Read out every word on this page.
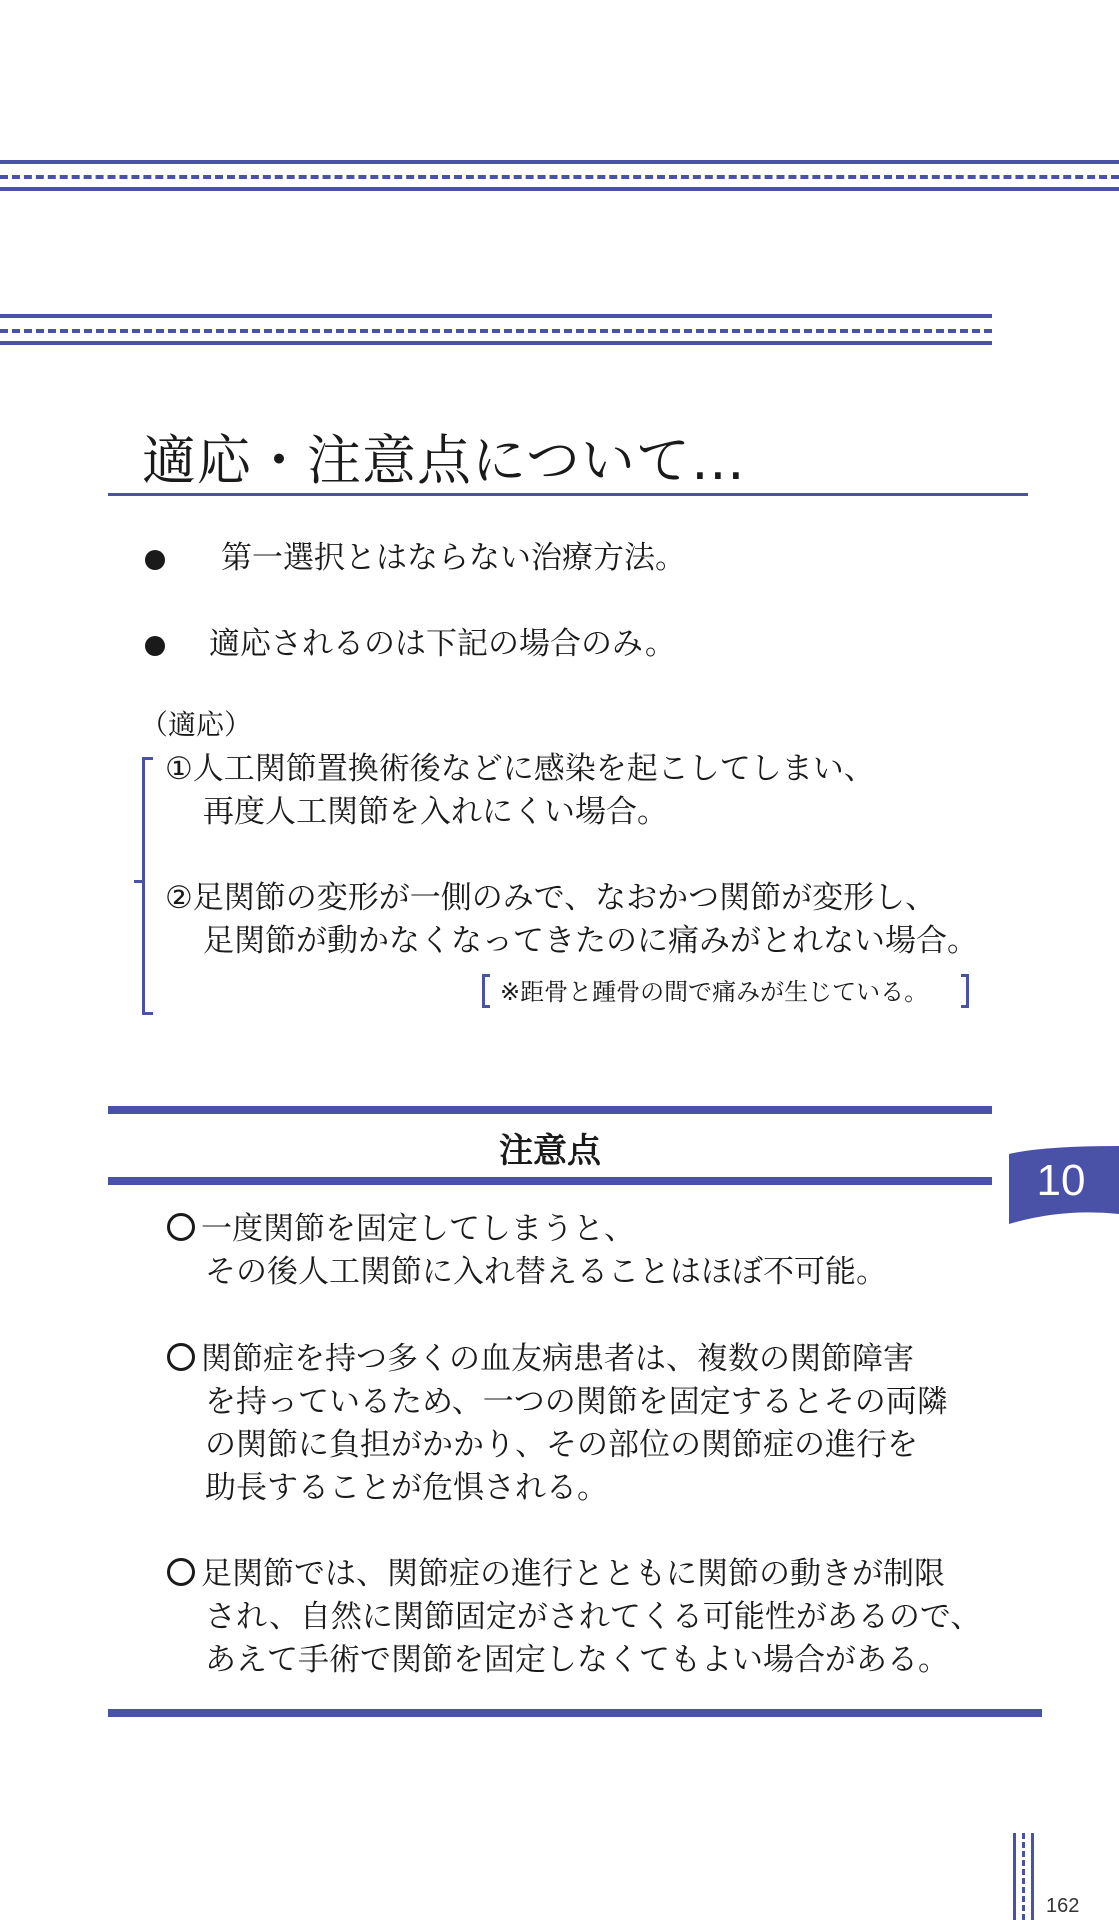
適応・注意点について…
第一選択とはならない治療方法。
適応されるのは下記の場合のみ。
（適応）
①人工関節置換術後などに感染を起こしてしまい、
再度人工関節を入れにくい場合。
②足関節の変形が一側のみで、なおかつ関節が変形し、
足関節が動かなくなってきたのに痛みがとれない場合。
※距骨と踵骨の間で痛みが生じている。
注意点
10
一度関節を固定してしまうと、
その後人工関節に入れ替えることはほぼ不可能。
関節症を持つ多くの血友病患者は、複数の関節障害
を持っているため、一つの関節を固定するとその両隣
の関節に負担がかかり、その部位の関節症の進行を
助長することが危惧される。
足関節では、関節症の進行とともに関節の動きが制限
され、自然に関節固定がされてくる可能性があるので、
あえて手術で関節を固定しなくてもよい場合がある。
162
